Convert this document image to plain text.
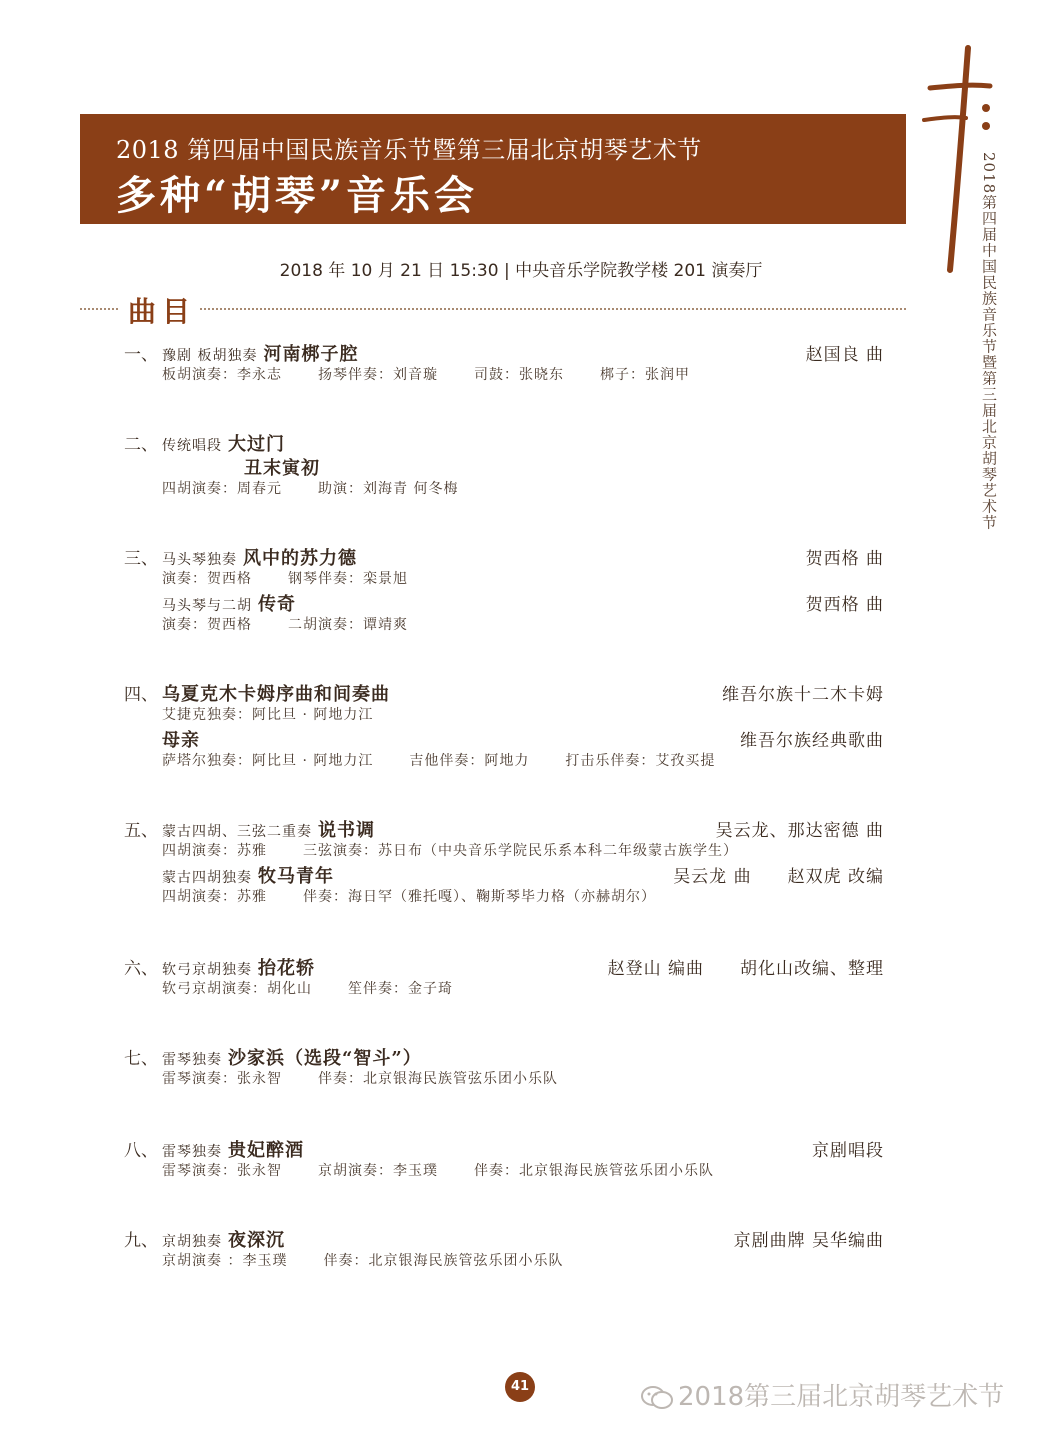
2018 第四届中国民族音乐节暨第三届北京胡琴艺术节
多种“胡琴”音乐会	2018第四届中国民族音乐节暨第三届北京胡琴艺术节
2018 年 10 月 21 日 15:30 | 中央音乐学院教学楼 201 演奏厅
曲目
一、 豫剧 板胡独奏 河南梆子腔	赵国良 曲
板胡演奏：李永志	扬琴伴奏：刘音璇	司鼓：张晓东	梆子：张润甲
二、 传统唱段 大过门
丑末寅初
四胡演奏：周春元	助演：刘海青 何冬梅
三、 马头琴独奏 风中的苏力德	贺西格 曲
演奏：贺西格	钢琴伴奏：栾景旭
马头琴与二胡 传奇	贺西格 曲
演奏：贺西格	二胡演奏：谭靖爽
四、 乌夏克木卡姆序曲和间奏曲	维吾尔族十二木卡姆
艾捷克独奏：阿比旦 · 阿地力江
母亲	维吾尔族经典歌曲
萨塔尔独奏：阿比旦 · 阿地力江	吉他伴奏：阿地力	打击乐伴奏：艾孜买提
五、 蒙古四胡、三弦二重奏 说书调	吴云龙、那达密德 曲
四胡演奏：苏雅	三弦演奏：苏日布（中央音乐学院民乐系本科二年级蒙古族学生）
蒙古四胡独奏 牧马青年	吴云龙 曲 赵双虎 改编
四胡演奏：苏雅	伴奏：海日罕（雅托嘎）、鞠斯琴毕力格（亦赫胡尔）
六、 软弓京胡独奏 抬花轿	赵登山 编曲 胡化山改编、整理
软弓京胡演奏：胡化山	笙伴奏：金子琦
七、 雷琴独奏 沙家浜（选段“智斗”）
雷琴演奏：张永智	伴奏：北京银海民族管弦乐团小乐队
八、 雷琴独奏 贵妃醉酒	京剧唱段
雷琴演奏：张永智	京胡演奏：李玉璞	伴奏：北京银海民族管弦乐团小乐队
九、 京胡独奏 夜深沉	京剧曲牌 吴华编曲
京胡演奏 ：李玉璞	伴奏：北京银海民族管弦乐团小乐队
41	2018第三届北京胡琴艺术节
